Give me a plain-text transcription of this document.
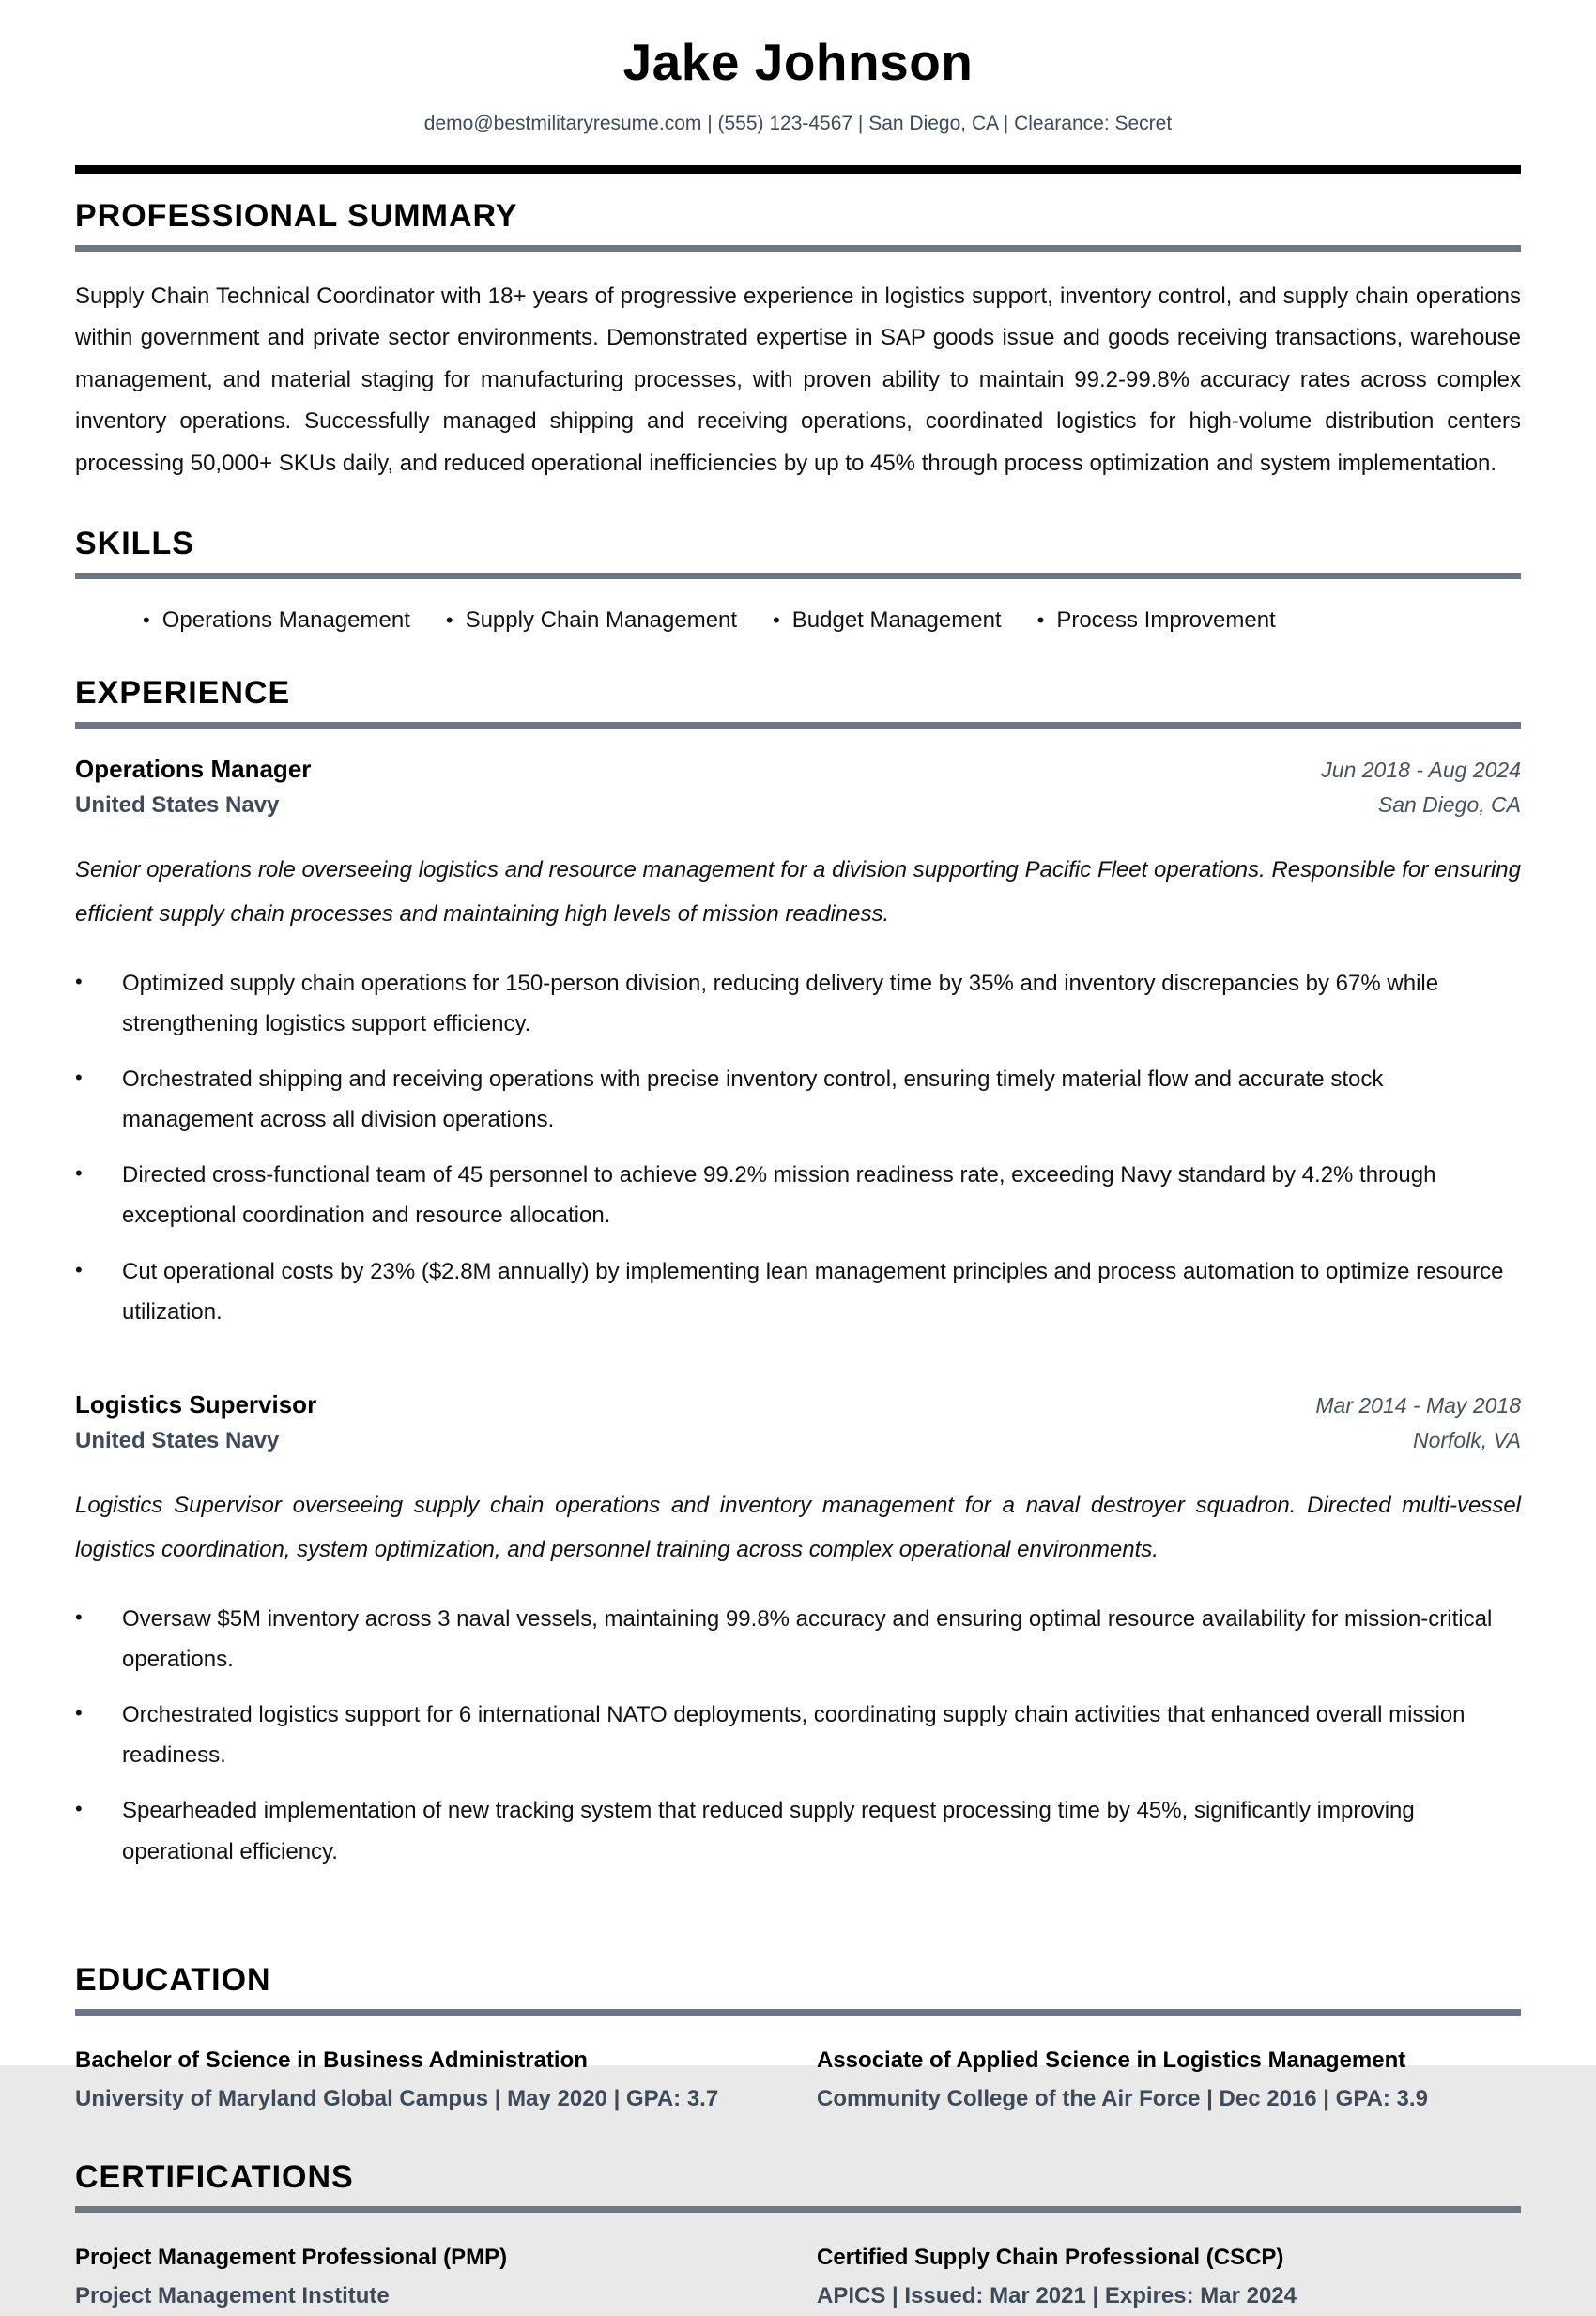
Jake Johnson
demo@bestmilitaryresume.com | (555) 123-4567 | San Diego, CA | Clearance: Secret
PROFESSIONAL SUMMARY

Supply Chain Technical Coordinator with 18+ years of progressive experience in logistics support, inventory control, and supply chain operations within government and private sector environments. Demonstrated expertise in SAP goods issue and goods receiving transactions, warehouse management, and material staging for manufacturing processes, with proven ability to maintain 99.2-99.8% accuracy rates across complex inventory operations. Successfully managed shipping and receiving operations, coordinated logistics for high-volume distribution centers processing 50,000+ SKUs daily, and reduced operational inefficiencies by up to 45% through process optimization and system implementation.

SKILLS
• Operations Management • Supply Chain Management • Budget Management • Process Improvement
EXPERIENCE
Operations Manager	Jun 2018 - Aug 2024
United States Navy	San Diego, CA

Senior operations role overseeing logistics and resource management for a division supporting Pacific Fleet operations. Responsible for ensuring efficient supply chain processes and maintaining high levels of mission readiness.

•	Optimized supply chain operations for 150-person division, reducing delivery time by 35% and inventory discrepancies by 67% while strengthening logistics support efficiency.
•	Orchestrated shipping and receiving operations with precise inventory control, ensuring timely material flow and accurate stock management across all division operations.
•	Directed cross-functional team of 45 personnel to achieve 99.2% mission readiness rate, exceeding Navy standard by 4.2% through exceptional coordination and resource allocation.
•	Cut operational costs by 23% ($2.8M annually) by implementing lean management principles and process automation to optimize resource utilization.
Logistics Supervisor	Mar 2014 - May 2018
United States Navy	Norfolk, VA

Logistics Supervisor overseeing supply chain operations and inventory management for a naval destroyer squadron. Directed multi-vessel logistics coordination, system optimization, and personnel training across complex operational environments.

•	Oversaw $5M inventory across 3 naval vessels, maintaining 99.8% accuracy and ensuring optimal resource availability for mission-critical operations.
•	Orchestrated logistics support for 6 international NATO deployments, coordinating supply chain activities that enhanced overall mission readiness.
•	Spearheaded implementation of new tracking system that reduced supply request processing time by 45%, significantly improving operational efficiency.
EDUCATION
Bachelor of Science in Business Administration
University of Maryland Global Campus | May 2020 | GPA: 3.7
Associate of Applied Science in Logistics Management
Community College of the Air Force | Dec 2016 | GPA: 3.9
CERTIFICATIONS
Project Management Professional (PMP)
Project Management Institute
Certified Supply Chain Professional (CSCP)
APICS | Issued: Mar 2021 | Expires: Mar 2024
